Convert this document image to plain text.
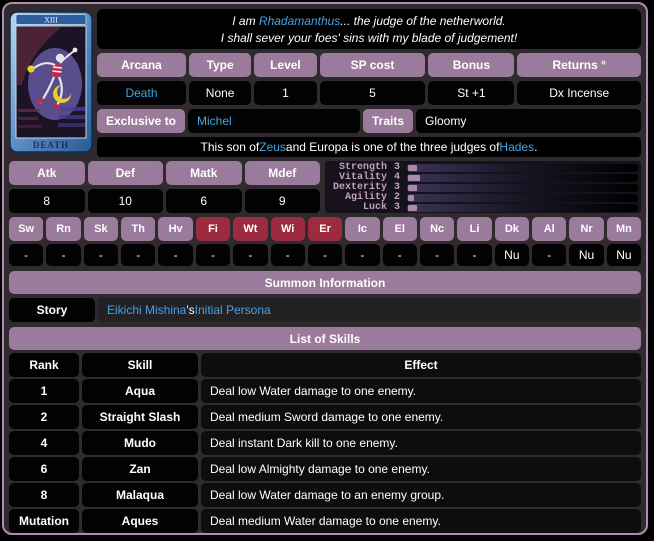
XIII
DEATH
I am Rhadamanthus... the judge of the netherworld.
I shall sever your foes' sins with my blade of judgement!
Arcana	Type	Level	SP cost	Bonus	Returns °
Death	None	1	5	St +1	Dx Incense
Exclusive to	Michel	Traits	Gloomy
This son of Zeus and Europa is one of the three judges of Hades .
Atk	Def	Matk	Mdef
8	10	6	9
Strength 3
Vitality 4
Dexterity 3
Agility 2
Luck 3
Sw	Rn	Sk	Th	Hv	Fi	Wt	Wi	Er	Ic	El	Nc	Li	Dk	Al	Nr	Mn
-	-	-	-	-	-	-	-	-	-	-	-	-	Nu	-	Nu	Nu
Summon Information
Story	Eikichi Mishina 's Initial Persona
List of Skills
Rank	Skill	Effect
1	Aqua	Deal low Water damage to one enemy.
2	Straight Slash	Deal medium Sword damage to one enemy.
4	Mudo	Deal instant Dark kill to one enemy.
6	Zan	Deal low Almighty damage to one enemy.
8	Malaqua	Deal low Water damage to an enemy group.
Mutation	Aques	Deal medium Water damage to one enemy.
